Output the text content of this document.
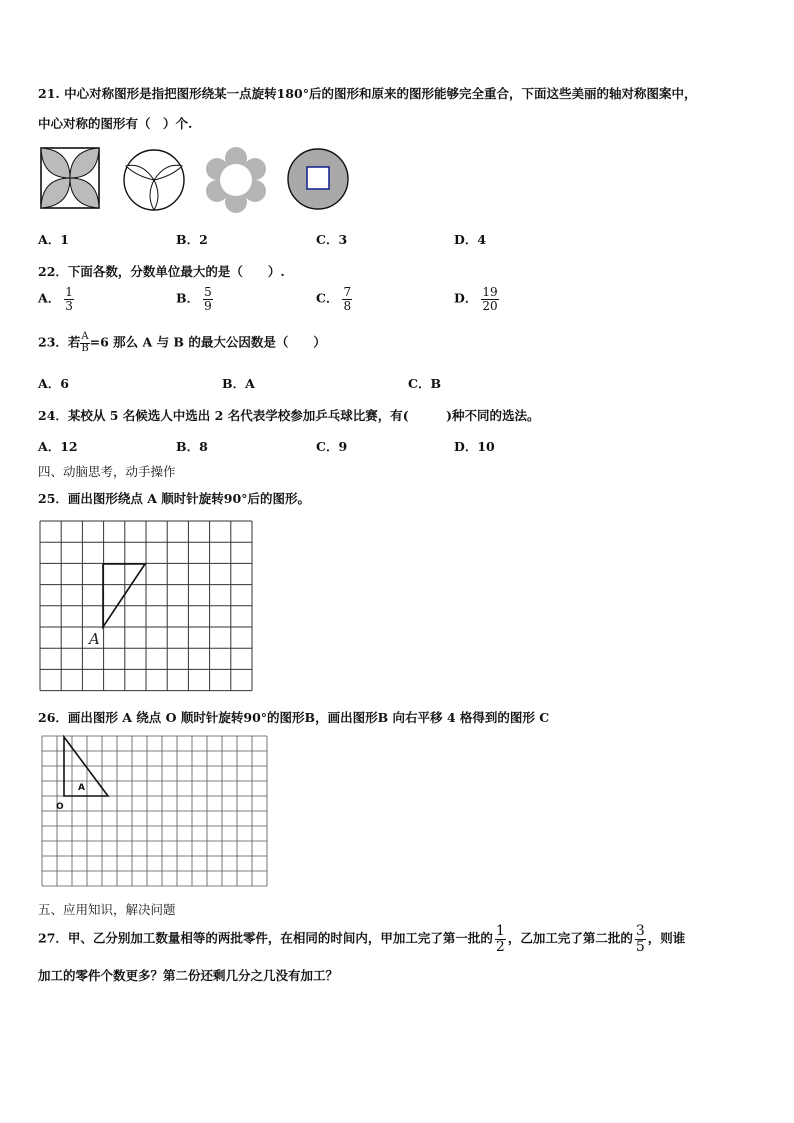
21. 中心对称图形是指把图形绕某一点旋转180°后的图形和原来的图形能够完全重合，下面这些美丽的轴对称图案中，
中心对称的图形有（　）个.
A．1	B．2	C．3	D．4
22．下面各数，分数单位最大的是（　　）.
A． $\frac{1}{3}$	B． $\frac{5}{9}$	C． $\frac{7}{8}$	D． $\frac{19}{20}$
23．若 $\frac{A}{B} =6$ 那么 A 与 B 的最大公因数是（　　）
A．6	B．A	C．B
24．某校从 5 名候选人中选出 2 名代表学校参加乒乓球比赛，有(　　　)种不同的选法。
A．12	B．8	C．9	D．10
四、动脑思考，动手操作
25．画出图形绕点 A 顺时针旋转90°后的图形。
A
26．画出图形 A 绕点 O 顺时针旋转90°的图形B，画出图形B 向右平移 4 格得到的图形 C
A
O
五、应用知识，解决问题
27．甲、乙分别加工数量相等的两批零件，在相同的时间内，甲加工完了第一批的 $\frac{1}{2}$ ，乙加工完了第二批的 $\frac{3}{5}$ ，则谁
加工的零件个数更多？第二份还剩几分之几没有加工？
